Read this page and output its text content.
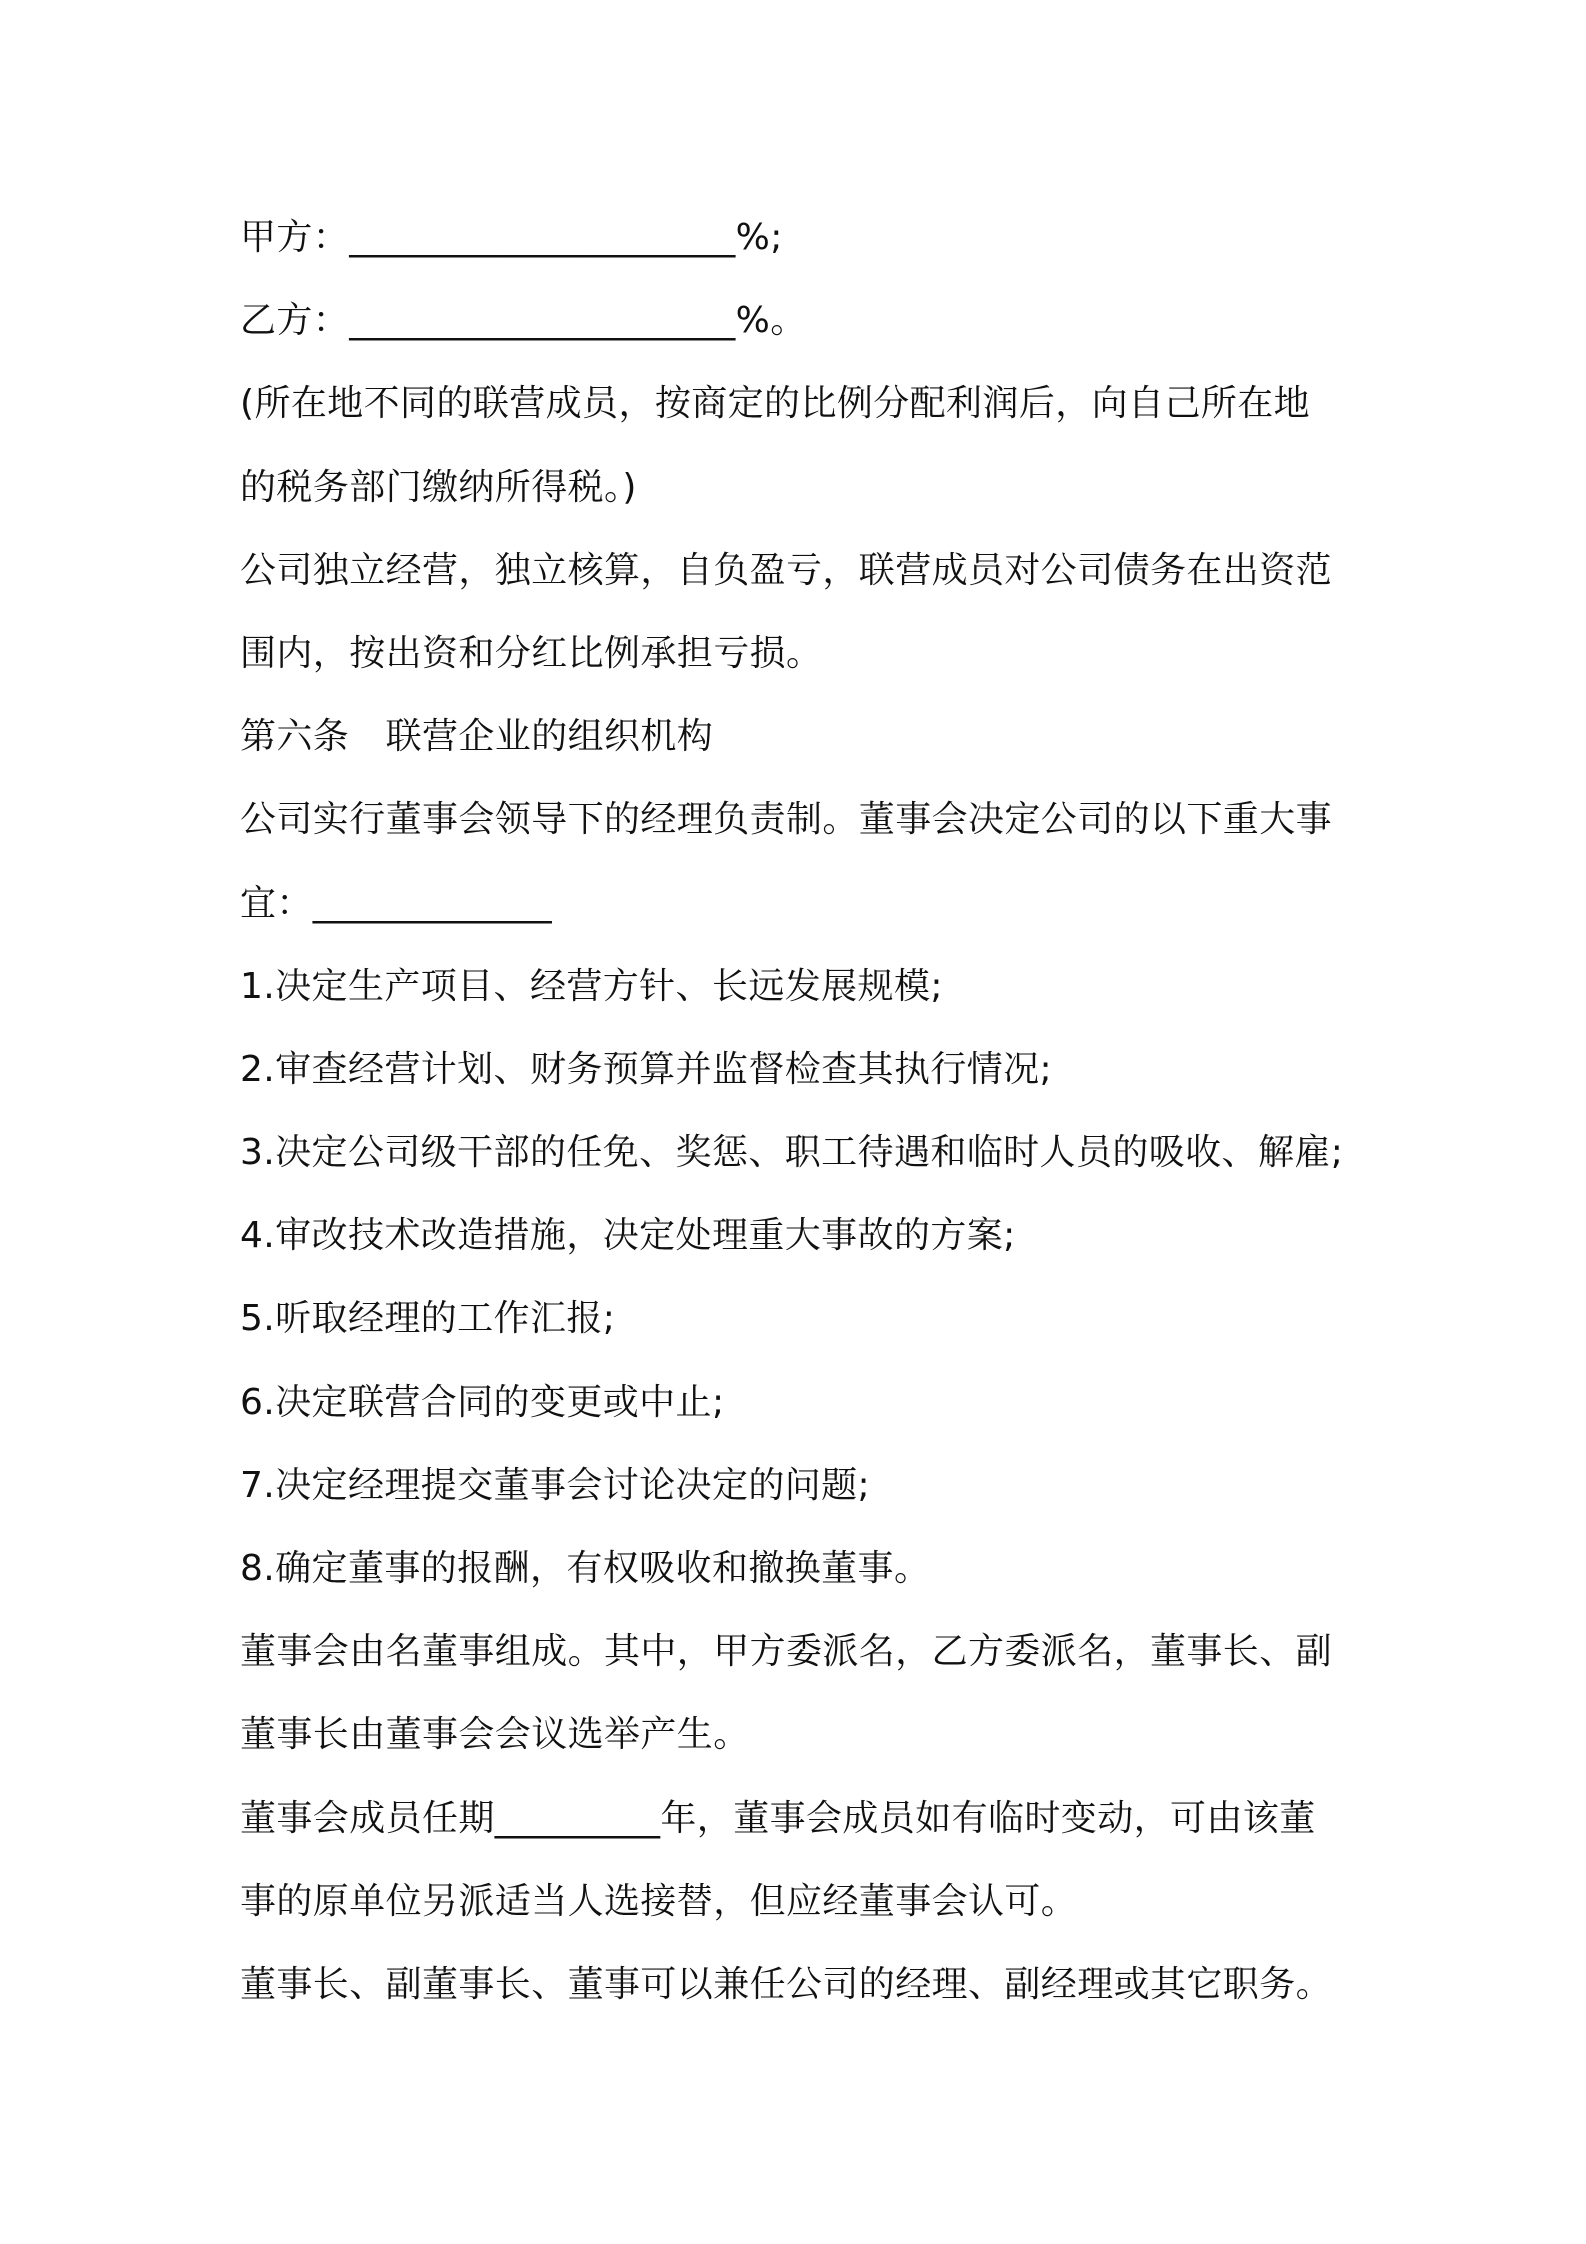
甲方：_____________________%;
乙方：_____________________%。
(所在地不同的联营成员，按商定的比例分配利润后，向自己所在地
的税务部门缴纳所得税。)
公司独立经营，独立核算，自负盈亏，联营成员对公司债务在出资范
围内，按出资和分红比例承担亏损。
第六条　联营企业的组织机构
公司实行董事会领导下的经理负责制。董事会决定公司的以下重大事
宜：_____________
1.决定生产项目、经营方针、长远发展规模;
2.审查经营计划、财务预算并监督检查其执行情况;
3.决定公司级干部的任免、奖惩、职工待遇和临时人员的吸收、解雇;
4.审改技术改造措施，决定处理重大事故的方案;
5.听取经理的工作汇报;
6.决定联营合同的变更或中止;
7.决定经理提交董事会讨论决定的问题;
8.确定董事的报酬，有权吸收和撤换董事。
董事会由名董事组成。其中，甲方委派名，乙方委派名，董事长、副
董事长由董事会会议选举产生。
董事会成员任期_________年，董事会成员如有临时变动，可由该董
事的原单位另派适当人选接替，但应经董事会认可。
董事长、副董事长、董事可以兼任公司的经理、副经理或其它职务。
